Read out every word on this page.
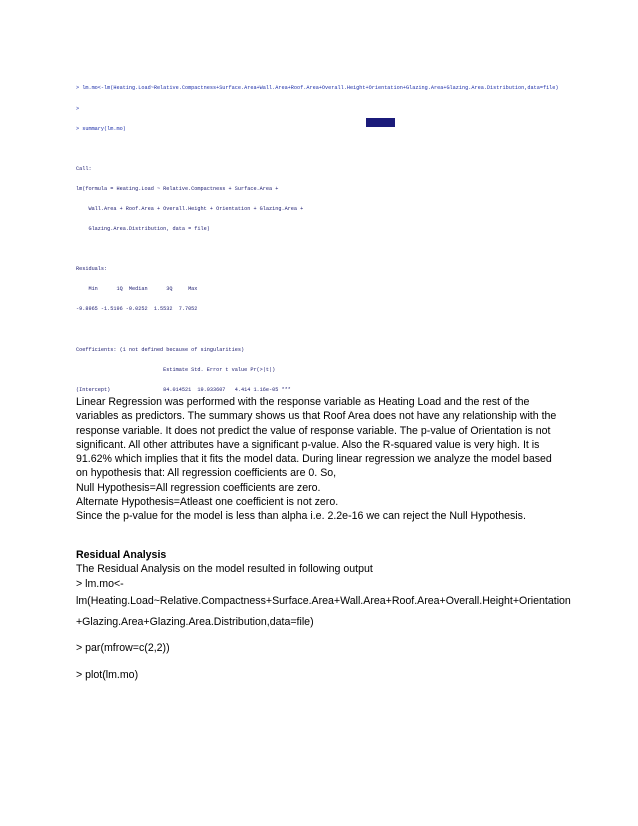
> lm.mo<-lm(Heating.Load~Relative.Compactness+Surface.Area+Wall.Area+Roof.Area+Overall.Height+Orientation+Glazing.Area+Glazing.Area.Distribution,data=file)

>

> summary(lm.mo)

Call:

lm(formula = Heating.Load ~ Relative.Compactness + Surface.Area +

Wall.Area + Roof.Area + Overall.Height + Orientation + Glazing.Area +

Glazing.Area.Distribution, data = file)

Residuals:

Min      1Q  Median      3Q     Max

-9.8965 -1.5196 -0.0252  1.5532  7.7052

Coefficients: (1 not defined because of singularities)

Estimate Std. Error t value Pr(>|t|)

(Intercept)                 84.014521  19.033607   4.414 1.16e-05 ***

Linear Regression was performed with the response variable as Heating Load and the rest of the
variables as predictors. The summary shows us that Roof Area does not have any relationship with the
response variable. It does not predict the value of response variable. The p-value of Orientation is not
significant. All other attributes have a significant p-value. Also the R-squared value is very high. It is
91.62% which implies that it fits the model data. During linear regression we analyze the model based
on hypothesis that: All regression coefficients are 0. So,
Null Hypothesis=All regression coefficients are zero.
Alternate Hypothesis=Atleast one coefficient is not zero.
Since the p-value for the model is less than alpha i.e. 2.2e-16 we can reject the Null Hypothesis.
Residual Analysis
The Residual Analysis on the model resulted in following output
> lm.mo<-
lm(Heating.Load~Relative.Compactness+Surface.Area+Wall.Area+Roof.Area+Overall.Height+Orientation
+Glazing.Area+Glazing.Area.Distribution,data=file)
> par(mfrow=c(2,2))
> plot(lm.mo)
